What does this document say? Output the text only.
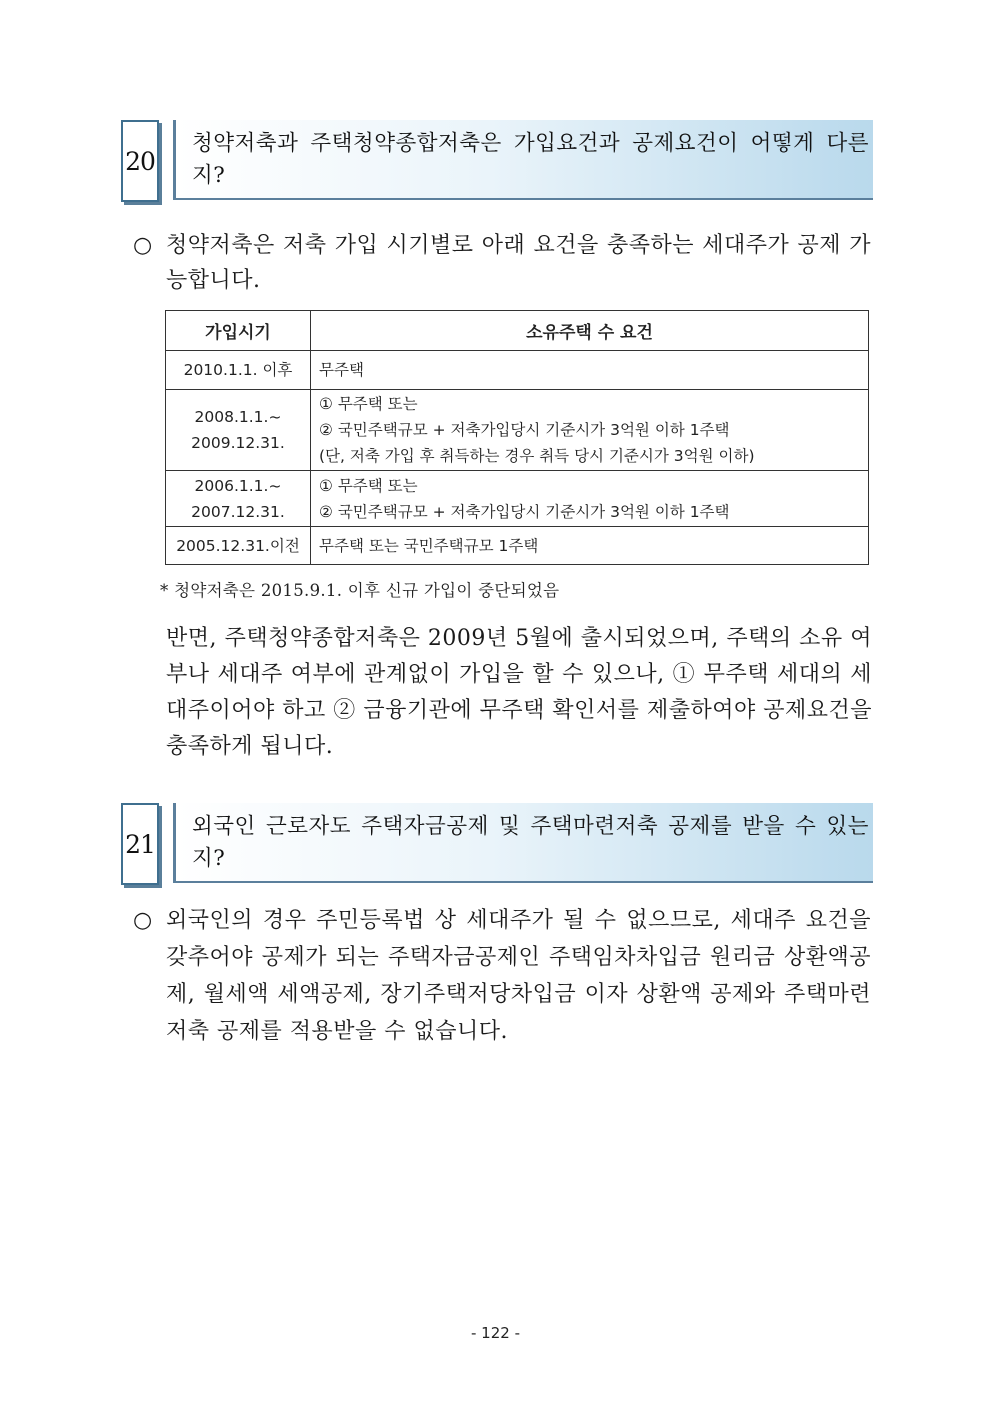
20
청약저축과 주택청약종합저축은 가입요건과 공제요건이 어떻게 다른지?
○ 청약저축은 저축 가입 시기별로 아래 요건을 충족하는 세대주가 공제 가능합니다.
가입시기	소유주택 수 요건

2010.1.1. 이후	무주택

2008.1.1.~
2009.12.31.	① 무주택 또는
② 국민주택규모 + 저축가입당시 기준시가 3억원 이하 1주택
(단, 저축 가입 후 취득하는 경우 취득 당시 기준시가 3억원 이하)

2006.1.1.~
2007.12.31.	① 무주택 또는
② 국민주택규모 + 저축가입당시 기준시가 3억원 이하 1주택

2005.12.31.이전	무주택 또는 국민주택규모 1주택
* 청약저축은 2015.9.1. 이후 신규 가입이 중단되었음
반면, 주택청약종합저축은 2009년 5월에 출시되었으며, 주택의 소유 여부나 세대주 여부에 관계없이 가입을 할 수 있으나, ① 무주택 세대의 세대주이어야 하고 ② 금융기관에 무주택 확인서를 제출하여야 공제요건을 충족하게 됩니다.
21
외국인 근로자도 주택자금공제 및 주택마련저축 공제를 받을 수 있는지?
○ 외국인의 경우 주민등록법 상 세대주가 될 수 없으므로, 세대주 요건을 갖추어야 공제가 되는 주택자금공제인 주택임차차입금 원리금 상환액공제, 월세액 세액공제, 장기주택저당차입금 이자 상환액 공제와 주택마련저축 공제를 적용받을 수 없습니다.
- 122 -
